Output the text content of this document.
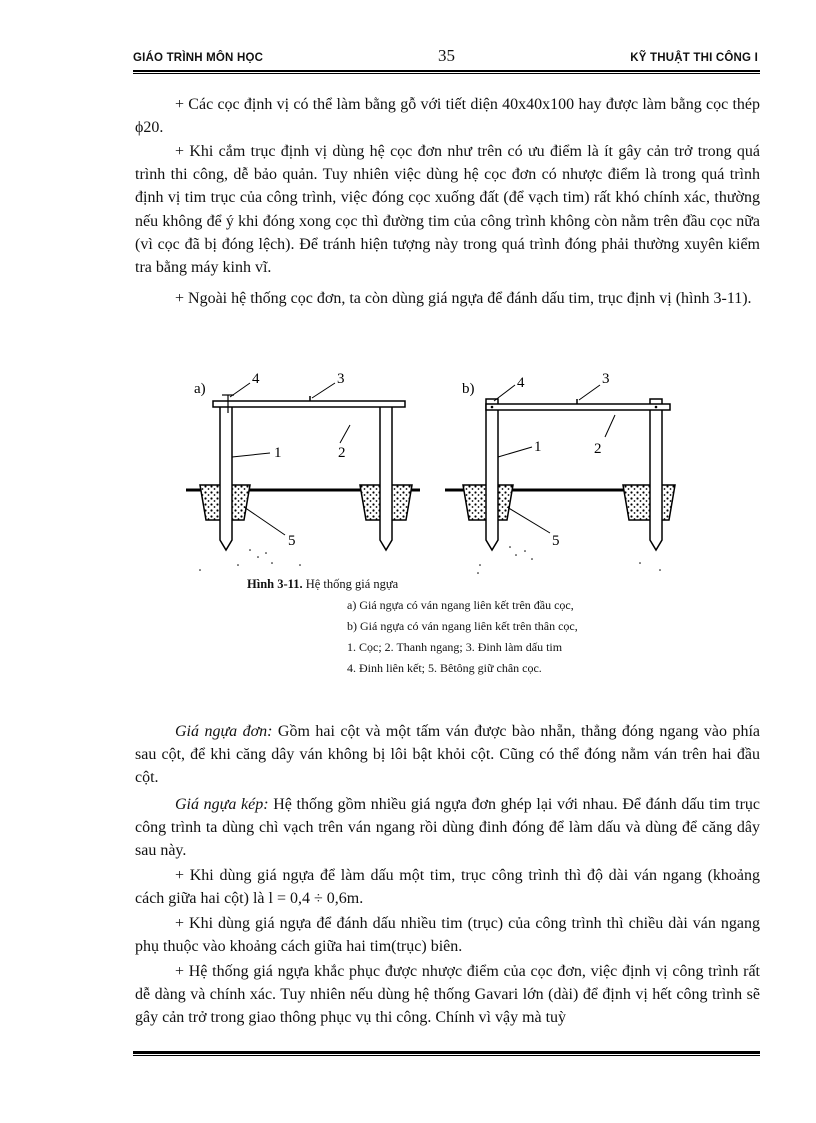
GIÁO TRÌNH MÔN HỌC	35	KỸ THUẬT THI CÔNG I

+ Các cọc định vị có thể làm bằng gỗ với tiết diện 40x40x100 hay được làm bằng cọc thép ϕ20.

+ Khi cắm trục định vị dùng hệ cọc đơn như trên có ưu điểm là ít gây cản trở trong quá trình thi công, dễ bảo quản. Tuy nhiên việc dùng hệ cọc đơn có nhược điểm là trong quá trình định vị tim trục của công trình, việc đóng cọc xuống đất (để vạch tim) rất khó chính xác, thường nếu không để ý khi đóng xong cọc thì đường tim của công trình không còn nằm trên đầu cọc nữa (vì cọc đã bị đóng lệch). Để tránh hiện tượng này trong quá trình đóng phải thường xuyên kiểm tra bằng máy kinh vĩ.

+ Ngoài hệ thống cọc đơn, ta còn dùng giá ngựa để đánh dấu tim, trục định vị (hình 3-11).

a)	b)
4	3
1	2
5
4	3
1	2
5
Hình 3-11. Hệ thống giá ngựa
a) Giá ngựa có ván ngang liên kết trên đầu cọc,
b) Giá ngựa có ván ngang liên kết trên thân cọc,
1. Cọc; 2. Thanh ngang; 3. Đinh làm dấu tim
4. Đinh liên kết; 5. Bêtông giữ chân cọc.

Giá ngựa đơn: Gồm hai cột và một tấm ván được bào nhẵn, thẳng đóng ngang vào phía sau cột, để khi căng dây ván không bị lôi bật khỏi cột. Cũng có thể đóng nằm ván trên hai đầu cột.

Giá ngựa kép: Hệ thống gồm nhiều giá ngựa đơn ghép lại với nhau. Để đánh dấu tim trục công trình ta dùng chì vạch trên ván ngang rồi dùng đinh đóng để làm dấu và dùng để căng dây sau này.

+ Khi dùng giá ngựa để làm dấu một tim, trục công trình thì độ dài ván ngang (khoảng cách giữa hai cột) là l = 0,4 ÷ 0,6m.

+ Khi dùng giá ngựa để đánh dấu nhiều tim (trục) của công trình thì chiều dài ván ngang phụ thuộc vào khoảng cách giữa hai tim(trục) biên.

+ Hệ thống giá ngựa khắc phục được nhược điểm của cọc đơn, việc định vị công trình rất dễ dàng và chính xác. Tuy nhiên nếu dùng hệ thống Gavari lớn (dài) để định vị hết công trình sẽ gây cản trở trong giao thông phục vụ thi công. Chính vì vậy mà tuỳ
